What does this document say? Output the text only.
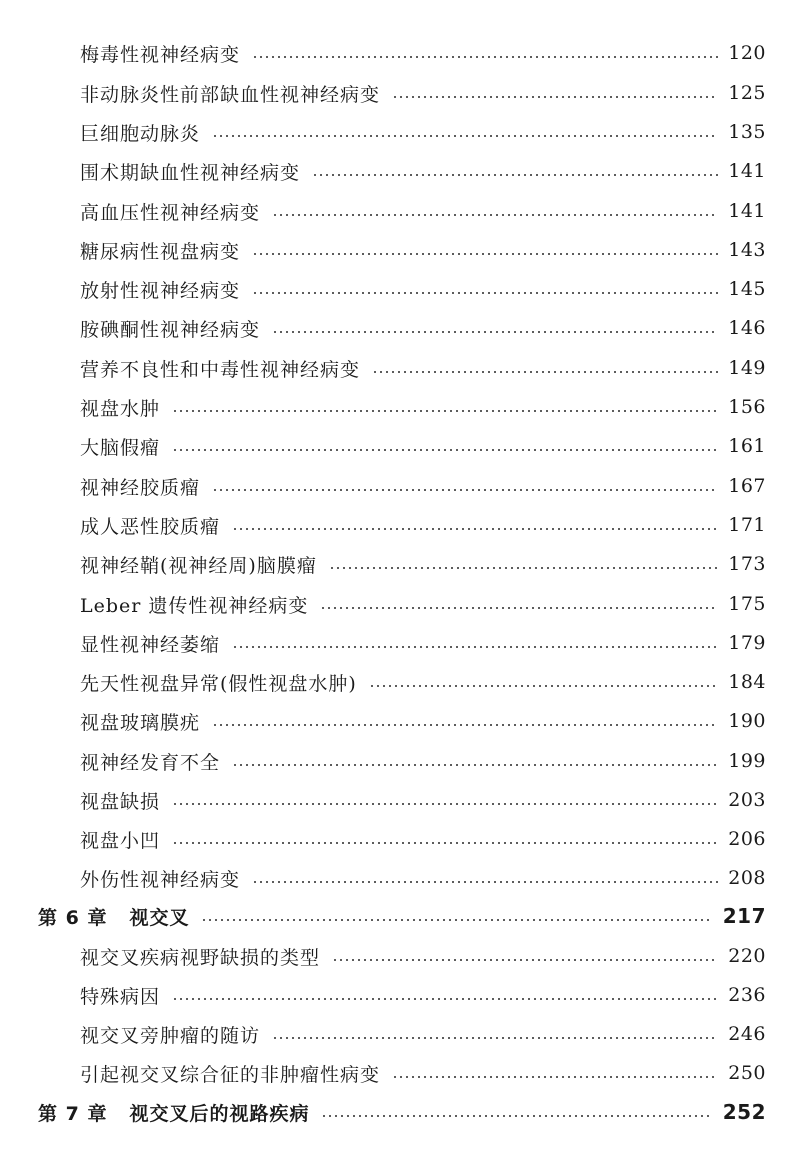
梅毒性视神经病变	120
非动脉炎性前部缺血性视神经病变	125
巨细胞动脉炎	135
围术期缺血性视神经病变	141
高血压性视神经病变	141
糖尿病性视盘病变	143
放射性视神经病变	145
胺碘酮性视神经病变	146
营养不良性和中毒性视神经病变	149
视盘水肿	156
大脑假瘤	161
视神经胶质瘤	167
成人恶性胶质瘤	171
视神经鞘(视神经周)脑膜瘤	173
Leber 遗传性视神经病变	175
显性视神经萎缩	179
先天性视盘异常(假性视盘水肿)	184
视盘玻璃膜疣	190
视神经发育不全	199
视盘缺损	203
视盘小凹	206
外伤性视神经病变	208
第 6 章 视交叉	217
视交叉疾病视野缺损的类型	220
特殊病因	236
视交叉旁肿瘤的随访	246
引起视交叉综合征的非肿瘤性病变	250
第 7 章 视交叉后的视路疾病	252
